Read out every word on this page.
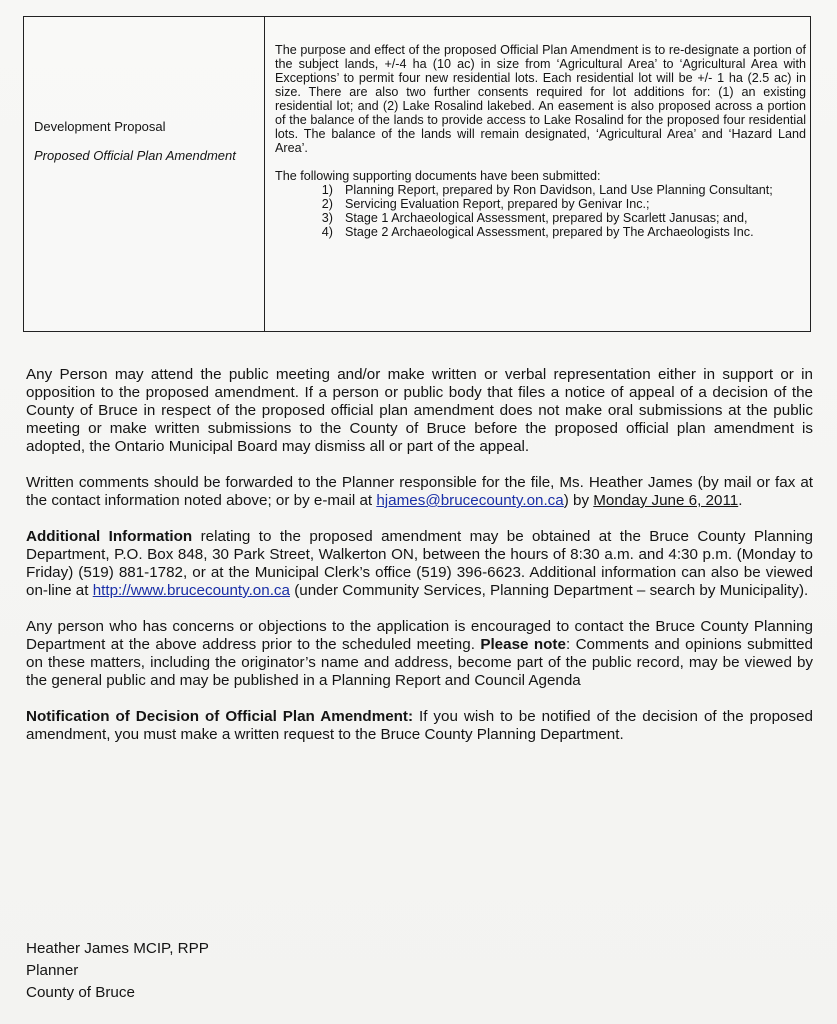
Development Proposal
Proposed Official Plan Amendment

The purpose and effect of the proposed Official Plan Amendment is to re-designate a portion of the subject lands, +/-4 ha (10 ac) in size from ‘Agricultural Area’ to ‘Agricultural Area with Exceptions’ to permit four new residential lots. Each residential lot will be +/- 1 ha (2.5 ac) in size. There are also two further consents required for lot additions for: (1) an existing residential lot; and (2) Lake Rosalind lakebed. An easement is also proposed across a portion of the balance of the lands to provide access to Lake Rosalind for the proposed four residential lots. The balance of the lands will remain designated, ‘Agricultural Area’ and ‘Hazard Land Area’.

The following supporting documents have been submitted:
1) Planning Report, prepared by Ron Davidson, Land Use Planning Consultant;
2) Servicing Evaluation Report, prepared by Genivar Inc.;
3) Stage 1 Archaeological Assessment, prepared by Scarlett Janusas; and,
4) Stage 2 Archaeological Assessment, prepared by The Archaeologists Inc.

Any Person may attend the public meeting and/or make written or verbal representation either in support or in opposition to the proposed amendment. If a person or public body that files a notice of appeal of a decision of the County of Bruce in respect of the proposed official plan amendment does not make oral submissions at the public meeting or make written submissions to the County of Bruce before the proposed official plan amendment is adopted, the Ontario Municipal Board may dismiss all or part of the appeal.

Written comments should be forwarded to the Planner responsible for the file, Ms. Heather James (by mail or fax at the contact information noted above; or by e-mail at hjames@brucecounty.on.ca) by Monday June 6, 2011.

Additional Information relating to the proposed amendment may be obtained at the Bruce County Planning Department, P.O. Box 848, 30 Park Street, Walkerton ON, between the hours of 8:30 a.m. and 4:30 p.m. (Monday to Friday) (519) 881-1782, or at the Municipal Clerk’s office (519) 396-6623. Additional information can also be viewed on-line at http://www.brucecounty.on.ca (under Community Services, Planning Department – search by Municipality).

Any person who has concerns or objections to the application is encouraged to contact the Bruce County Planning Department at the above address prior to the scheduled meeting. Please note: Comments and opinions submitted on these matters, including the originator’s name and address, become part of the public record, may be viewed by the general public and may be published in a Planning Report and Council Agenda

Notification of Decision of Official Plan Amendment: If you wish to be notified of the decision of the proposed amendment, you must make a written request to the Bruce County Planning Department.

Heather James MCIP, RPP
Planner
County of Bruce
